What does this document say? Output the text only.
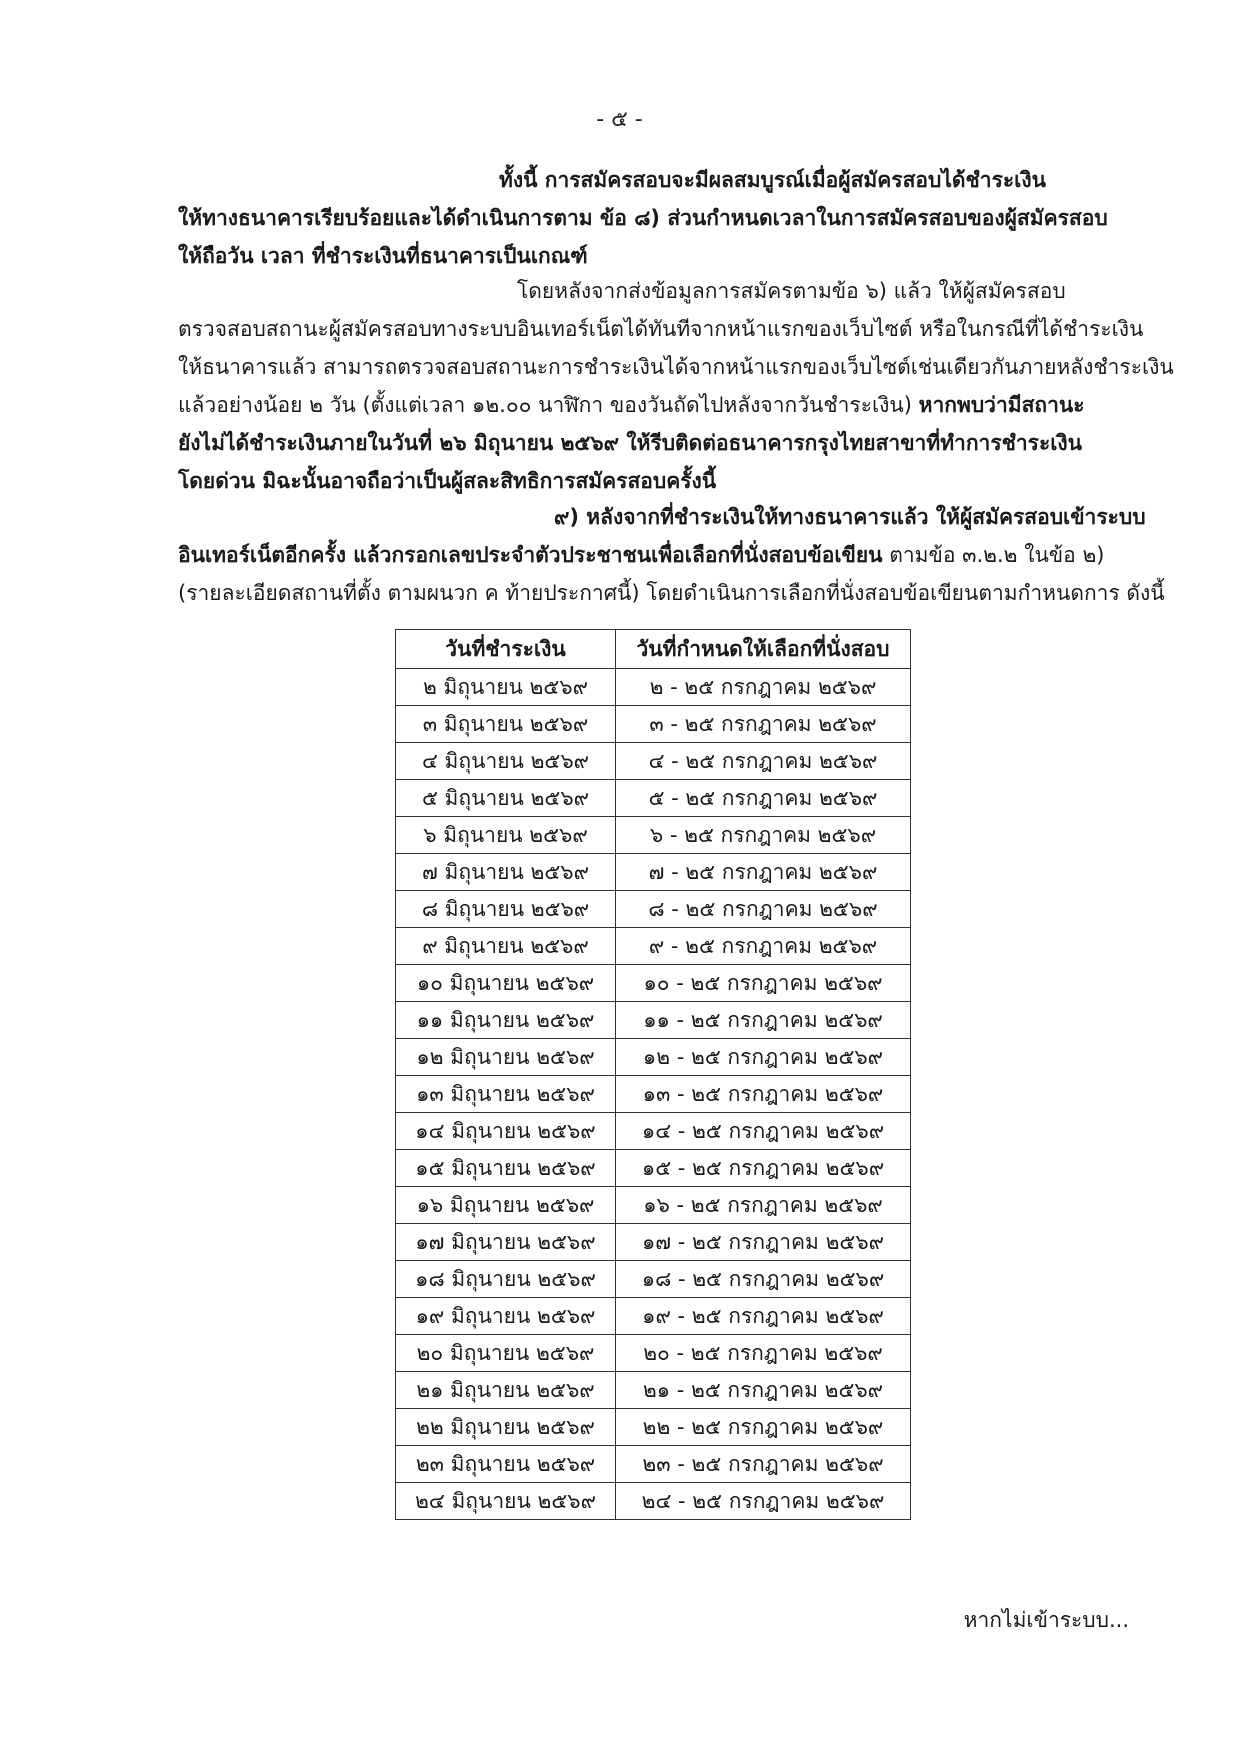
- ๕ -
ทั้งนี้ การสมัครสอบจะมีผลสมบูรณ์เมื่อผู้สมัครสอบได้ชำระเงิน
ให้ทางธนาคารเรียบร้อยและได้ดำเนินการตาม ข้อ ๘) ส่วนกำหนดเวลาในการสมัครสอบของผู้สมัครสอบ
ให้ถือวัน เวลา ที่ชำระเงินที่ธนาคารเป็นเกณฑ์
โดยหลังจากส่งข้อมูลการสมัครตามข้อ ๖) แล้ว ให้ผู้สมัครสอบ
ตรวจสอบสถานะผู้สมัครสอบทางระบบอินเทอร์เน็ตได้ทันทีจากหน้าแรกของเว็บไซต์ หรือในกรณีที่ได้ชำระเงิน
ให้ธนาคารแล้ว สามารถตรวจสอบสถานะการชำระเงินได้จากหน้าแรกของเว็บไซต์เช่นเดียวกันภายหลังชำระเงิน
แล้วอย่างน้อย ๒ วัน (ตั้งแต่เวลา ๑๒.๐๐ นาฬิกา ของวันถัดไปหลังจากวันชำระเงิน) หากพบว่ามีสถานะ
ยังไม่ได้ชำระเงินภายในวันที่ ๒๖ มิถุนายน ๒๕๖๙ ให้รีบติดต่อธนาคารกรุงไทยสาขาที่ทำการชำระเงิน
โดยด่วน มิฉะนั้นอาจถือว่าเป็นผู้สละสิทธิการสมัครสอบครั้งนี้
๙) หลังจากที่ชำระเงินให้ทางธนาคารแล้ว ให้ผู้สมัครสอบเข้าระบบ
อินเทอร์เน็ตอีกครั้ง แล้วกรอกเลขประจำตัวประชาชนเพื่อเลือกที่นั่งสอบข้อเขียน ตามข้อ ๓.๒.๒ ในข้อ ๒)
(รายละเอียดสถานที่ตั้ง ตามผนวก ค ท้ายประกาศนี้) โดยดำเนินการเลือกที่นั่งสอบข้อเขียนตามกำหนดการ ดังนี้
วันที่ชำระเงิน	วันที่กำหนดให้เลือกที่นั่งสอบ
๒ มิถุนายน ๒๕๖๙	๒ - ๒๕ กรกฎาคม ๒๕๖๙
๓ มิถุนายน ๒๕๖๙	๓ - ๒๕ กรกฎาคม ๒๕๖๙
๔ มิถุนายน ๒๕๖๙	๔ - ๒๕ กรกฎาคม ๒๕๖๙
๕ มิถุนายน ๒๕๖๙	๕ - ๒๕ กรกฎาคม ๒๕๖๙
๖ มิถุนายน ๒๕๖๙	๖ - ๒๕ กรกฎาคม ๒๕๖๙
๗ มิถุนายน ๒๕๖๙	๗ - ๒๕ กรกฎาคม ๒๕๖๙
๘ มิถุนายน ๒๕๖๙	๘ - ๒๕ กรกฎาคม ๒๕๖๙
๙ มิถุนายน ๒๕๖๙	๙ - ๒๕ กรกฎาคม ๒๕๖๙
๑๐ มิถุนายน ๒๕๖๙	๑๐ - ๒๕ กรกฎาคม ๒๕๖๙
๑๑ มิถุนายน ๒๕๖๙	๑๑ - ๒๕ กรกฎาคม ๒๕๖๙
๑๒ มิถุนายน ๒๕๖๙	๑๒ - ๒๕ กรกฎาคม ๒๕๖๙
๑๓ มิถุนายน ๒๕๖๙	๑๓ - ๒๕ กรกฎาคม ๒๕๖๙
๑๔ มิถุนายน ๒๕๖๙	๑๔ - ๒๕ กรกฎาคม ๒๕๖๙
๑๕ มิถุนายน ๒๕๖๙	๑๕ - ๒๕ กรกฎาคม ๒๕๖๙
๑๖ มิถุนายน ๒๕๖๙	๑๖ - ๒๕ กรกฎาคม ๒๕๖๙
๑๗ มิถุนายน ๒๕๖๙	๑๗ - ๒๕ กรกฎาคม ๒๕๖๙
๑๘ มิถุนายน ๒๕๖๙	๑๘ - ๒๕ กรกฎาคม ๒๕๖๙
๑๙ มิถุนายน ๒๕๖๙	๑๙ - ๒๕ กรกฎาคม ๒๕๖๙
๒๐ มิถุนายน ๒๕๖๙	๒๐ - ๒๕ กรกฎาคม ๒๕๖๙
๒๑ มิถุนายน ๒๕๖๙	๒๑ - ๒๕ กรกฎาคม ๒๕๖๙
๒๒ มิถุนายน ๒๕๖๙	๒๒ - ๒๕ กรกฎาคม ๒๕๖๙
๒๓ มิถุนายน ๒๕๖๙	๒๓ - ๒๕ กรกฎาคม ๒๕๖๙
๒๔ มิถุนายน ๒๕๖๙	๒๔ - ๒๕ กรกฎาคม ๒๕๖๙
หากไม่เข้าระบบ...
